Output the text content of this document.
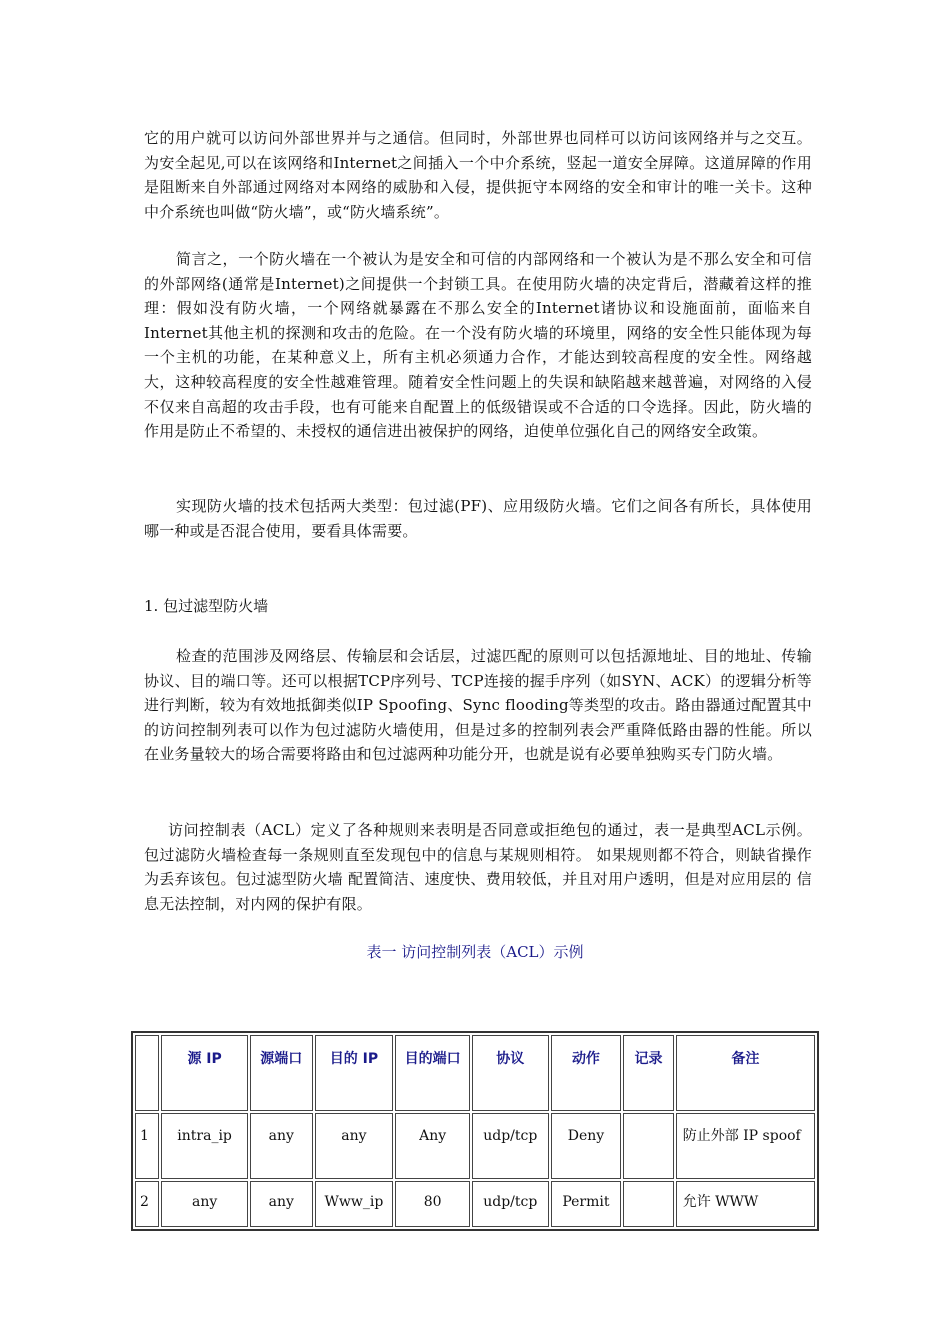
它的用户就可以访问外部世界并与之通信。但同时，外部世界也同样可以访问该网络并与之交互。为安全起见,可以在该网络和Internet之间插入一个中介系统，竖起一道安全屏障。这道屏障的作用是阻断来自外部通过网络对本网络的威胁和入侵，提供扼守本网络的安全和审计的唯一关卡。这种中介系统也叫做“防火墙”，或“防火墙系统”。

简言之，一个防火墙在一个被认为是安全和可信的内部网络和一个被认为是不那么安全和可信的外部网络(通常是Internet)之间提供一个封锁工具。在使用防火墙的决定背后，潜藏着这样的推理：假如没有防火墙，一个网络就暴露在不那么安全的Internet诸协议和设施面前，面临来自Internet其他主机的探测和攻击的危险。在一个没有防火墙的环境里，网络的安全性只能体现为每一个主机的功能，在某种意义上，所有主机必须通力合作，才能达到较高程度的安全性。网络越大，这种较高程度的安全性越难管理。随着安全性问题上的失误和缺陷越来越普遍，对网络的入侵不仅来自高超的攻击手段，也有可能来自配置上的低级错误或不合适的口令选择。因此，防火墙的作用是防止不希望的、未授权的通信进出被保护的网络，迫使单位强化自己的网络安全政策。

实现防火墙的技术包括两大类型：包过滤(PF)、应用级防火墙。它们之间各有所长，具体使用哪一种或是否混合使用，要看具体需要。

1. 包过滤型防火墙

检查的范围涉及网络层、传输层和会话层，过滤匹配的原则可以包括源地址、目的地址、传输协议、目的端口等。还可以根据TCP序列号、TCP连接的握手序列（如SYN、ACK）的逻辑分析等进行判断，较为有效地抵御类似IP Spoofing、Sync flooding等类型的攻击。路由器通过配置其中的访问控制列表可以作为包过滤防火墙使用，但是过多的控制列表会严重降低路由器的性能。所以在业务量较大的场合需要将路由和包过滤两种功能分开，也就是说有必要单独购买专门防火墙。

访问控制表（ACL）定义了各种规则来表明是否同意或拒绝包的通过，表一是典型ACL示例。 包过滤防火墙检查每一条规则直至发现包中的信息与某规则相符。 如果规则都不符合，则缺省操作为丢弃该包。包过滤型防火墙 配置简洁、速度快、费用较低，并且对用户透明，但是对应用层的 信息无法控制，对内网的保护有限。

表一 访问控制列表（ACL）示例
	源 IP	源端口	目的 IP	目的端口	协议	动作	记录	备注
1	intra_ip	any	any	Any	udp/tcp	Deny		防止外部 IP spoof
2	any	any	Www_ip	80	udp/tcp	Permit		允许 WWW
